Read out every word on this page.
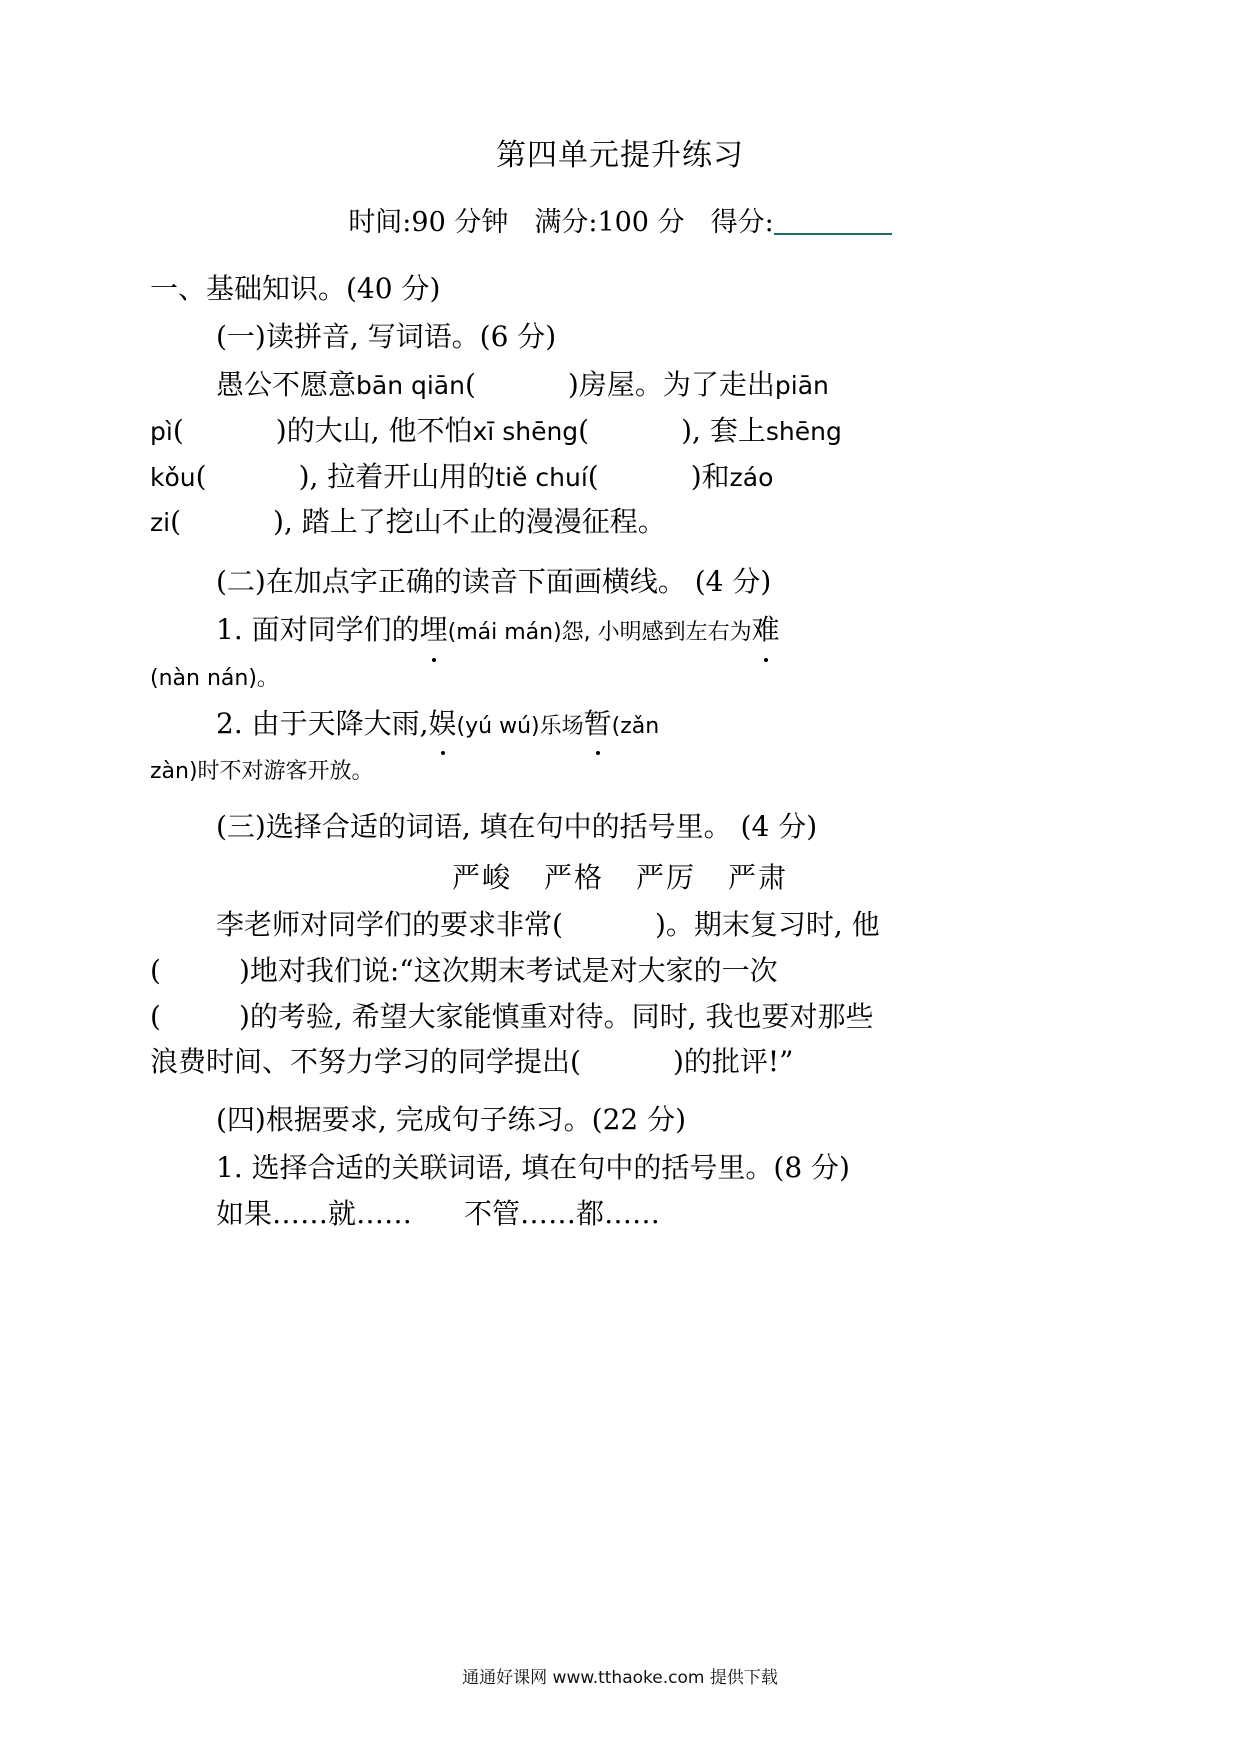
第四单元提升练习
时间:90 分钟 满分:100 分 得分:
一、基础知识。(40 分)
(一)读拼音, 写词语。(6 分)
愚公不愿意bān qiān(	)房屋。为了走出piān
pì(	)的大山, 他不怕xī shēng(	), 套上shēng
kǒu(	), 拉着开山用的tiě chuí(	)和záo
zi(	), 踏上了挖山不止的漫漫征程。
(二)在加点字正确的读音下面画横线。 (4 分)
1. 面对同学们的埋(mái mán)怨, 小明感到左右为难
(nàn nán)。
2. 由于天降大雨,娱(yú wú)乐场暂(zǎn
zàn)时不对游客开放。
(三)选择合适的词语, 填在句中的括号里。 (4 分)
严峻 严格 严厉 严肃
李老师对同学们的要求非常(	)。期末复习时, 他
(	)地对我们说:“这次期末考试是对大家的一次
(	)的考验, 希望大家能慎重对待。同时, 我也要对那些
浪费时间、不努力学习的同学提出(	)的批评!”
(四)根据要求, 完成句子练习。(22 分)
1. 选择合适的关联词语, 填在句中的括号里。(8 分)
如果……就…… 不管……都……
通通好课网 www.tthaoke.com 提供下载
